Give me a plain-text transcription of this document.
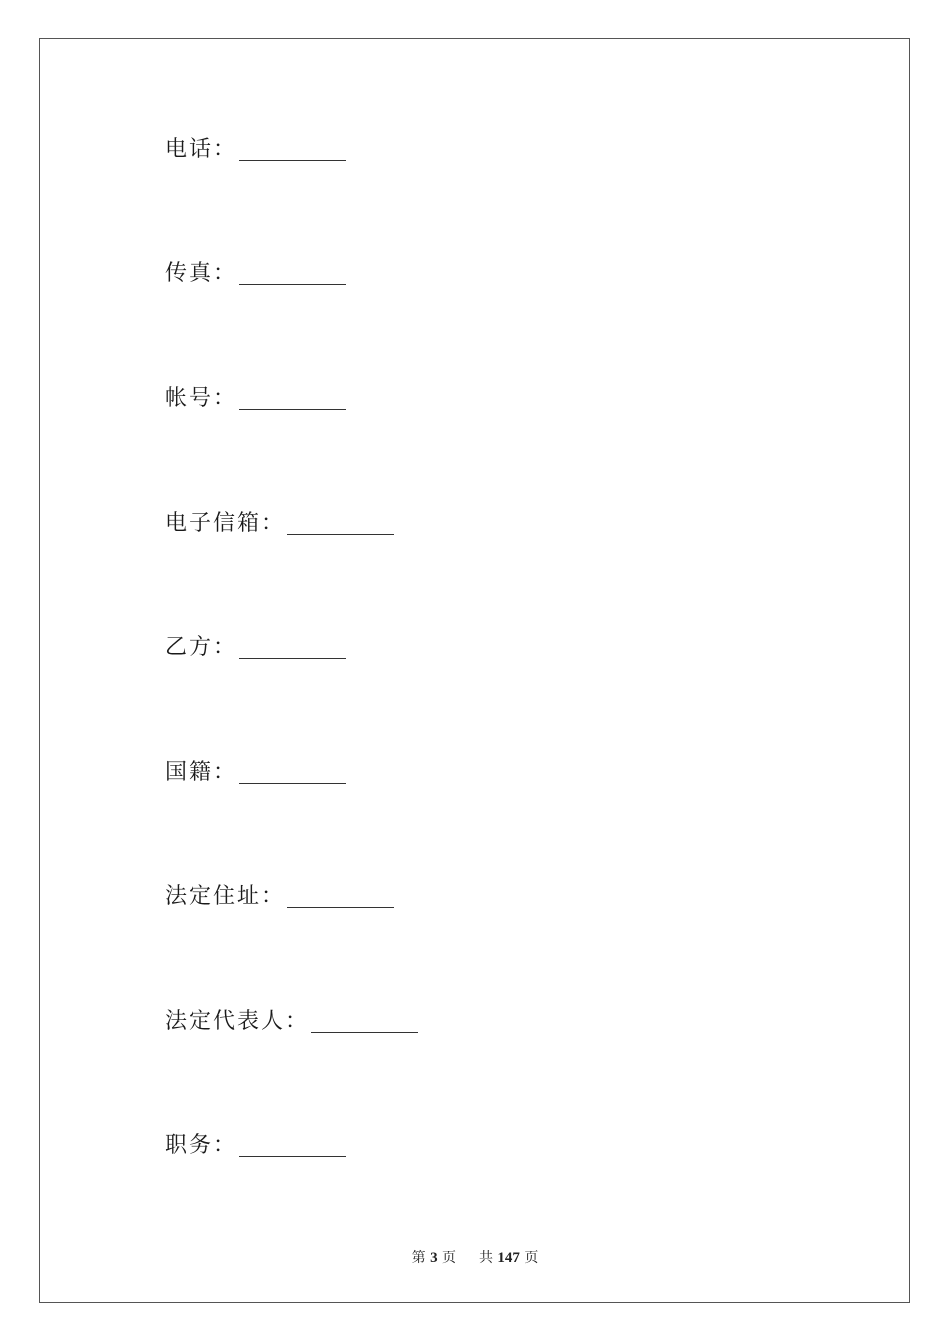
电话：
传真：
帐号：
电子信箱：
乙方：
国籍：
法定住址：
法定代表人：
职务：
第 3 页 共 147 页
